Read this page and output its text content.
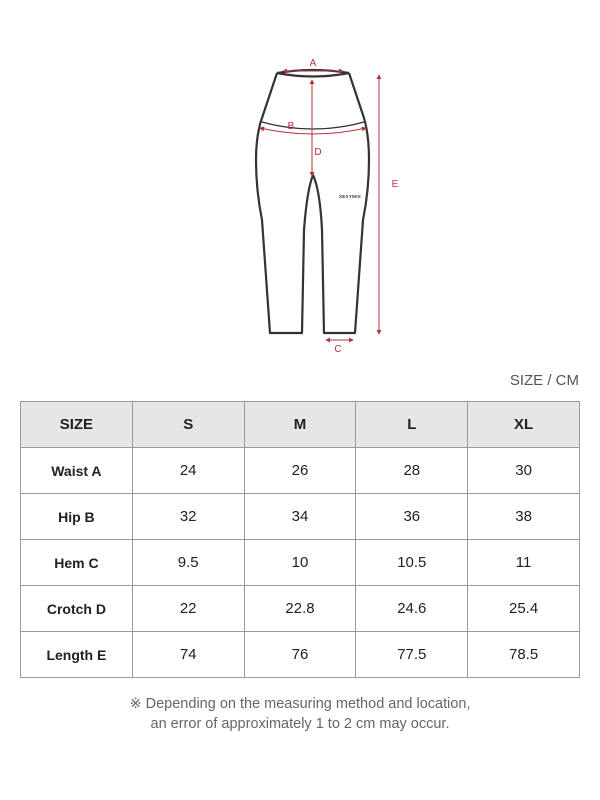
XEXYMIX
A
B
D
E
C
SIZE / CM
SIZE	S	M	L	XL
Waist A	24	26	28	30
Hip B	32	34	36	38
Hem C	9.5	10	10.5	11
Crotch D	22	22.8	24.6	25.4
Length E	74	76	77.5	78.5
※ Depending on the measuring method and location,
an error of approximately 1 to 2 cm may occur.
